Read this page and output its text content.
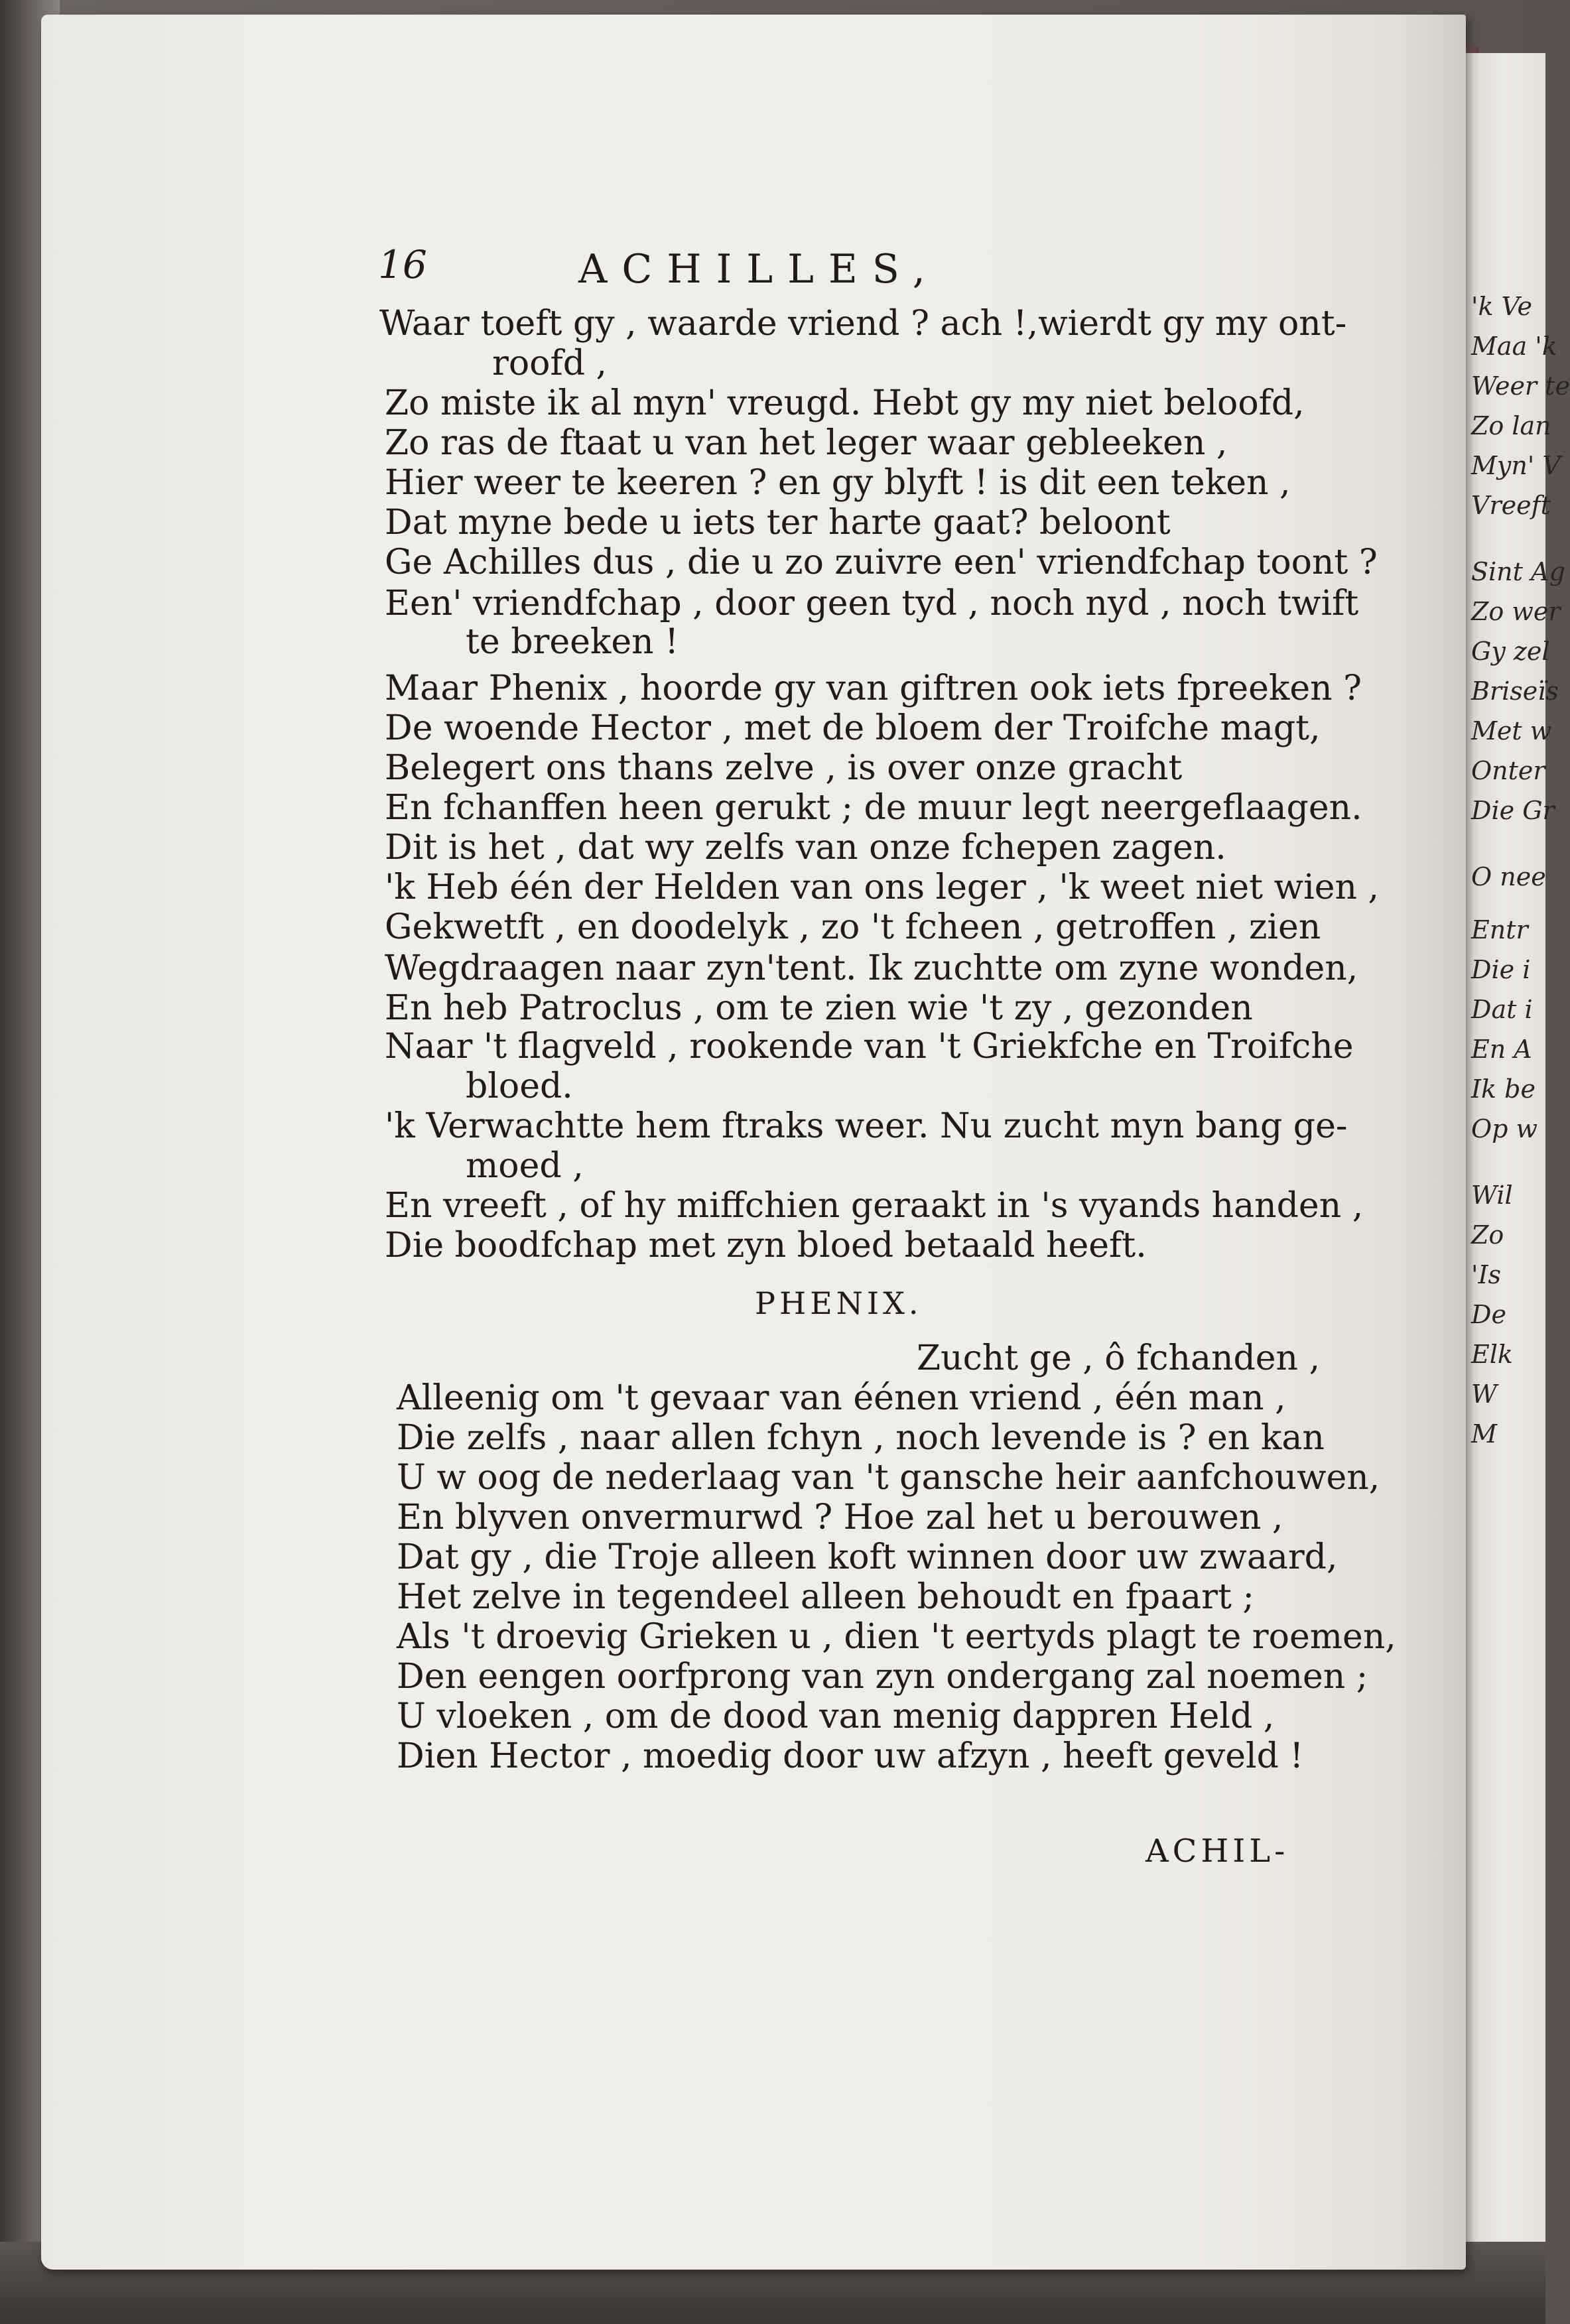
'k Ve
Maa 'k
Weer te
Zo lan
Myn' V
Vreeft
Sint Ag
Zo wer
Gy zel
Briseïs
Met w
Onter
Die Gr
O nee
Entr
Die i
Dat i
En A
Ik be
Op w
Wil
Zo
'Is
De
Elk
W
M
16	ACHILLES,
Waar toeft gy , waarde vriend ? ach !,wierdt gy my ont-
roofd ,
Zo miste ik al myn' vreugd. Hebt gy my niet beloofd,
Zo ras de ftaat u van het leger waar gebleeken ,
Hier weer te keeren ? en gy blyft ! is dit een teken ,
Dat myne bede u iets ter harte gaat? beloont
Ge Achilles dus , die u zo zuivre een' vriendfchap toont ?
Een' vriendfchap , door geen tyd , noch nyd , noch twift
te breeken !
Maar Phenix , hoorde gy van giftren ook iets fpreeken ?
De woende Hector , met de bloem der Troifche magt,
Belegert ons thans zelve , is over onze gracht
En fchanffen heen gerukt ; de muur legt neergeflaagen.
Dit is het , dat wy zelfs van onze fchepen zagen.
'k Heb één der Helden van ons leger , 'k weet niet wien ,
Gekwetft , en doodelyk , zo 't fcheen , getroffen , zien
Wegdraagen naar zyn'tent. Ik zuchtte om zyne wonden,
En heb Patroclus , om te zien wie 't zy , gezonden
Naar 't flagveld , rookende van 't Griekfche en Troifche
bloed.
'k Verwachtte hem ftraks weer. Nu zucht myn bang ge-
moed ,
En vreeft , of hy miffchien geraakt in 's vyands handen ,
Die boodfchap met zyn bloed betaald heeft.
PHENIX.
Zucht ge , ô fchanden ,
Alleenig om 't gevaar van éénen vriend , één man ,
Die zelfs , naar allen fchyn , noch levende is ? en kan
U w oog de nederlaag van 't gansche heir aanfchouwen,
En blyven onvermurwd ? Hoe zal het u berouwen ,
Dat gy , die Troje alleen koft winnen door uw zwaard,
Het zelve in tegendeel alleen behoudt en fpaart ;
Als 't droevig Grieken u , dien 't eertyds plagt te roemen,
Den eengen oorfprong van zyn ondergang zal noemen ;
U vloeken , om de dood van menig dappren Held ,
Dien Hector , moedig door uw afzyn , heeft geveld !
ACHIL-
